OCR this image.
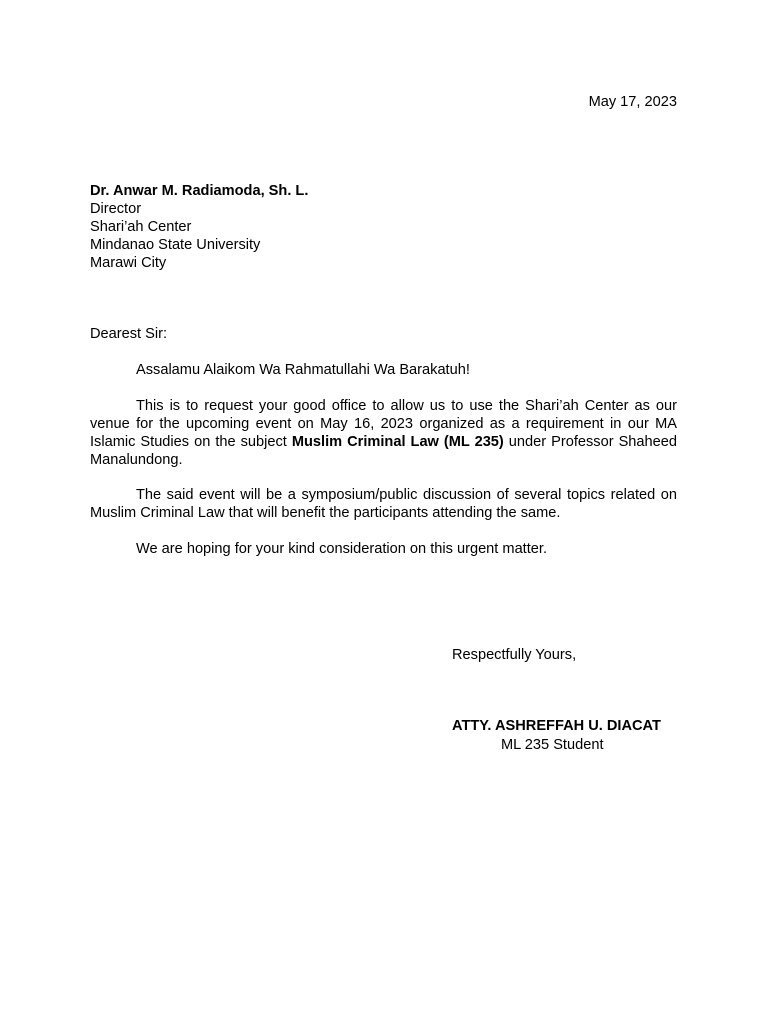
May 17, 2023
Dr. Anwar M. Radiamoda, Sh. L.
Director
Shari’ah Center
Mindanao State University
Marawi City
Dearest Sir:
Assalamu Alaikom Wa Rahmatullahi Wa Barakatuh!
This is to request your good office to allow us to use the Shari’ah Center as our venue for the upcoming event on May 16, 2023 organized as a requirement in our MA Islamic Studies on the subject Muslim Criminal Law (ML 235) under Professor Shaheed Manalundong.
The said event will be a symposium/public discussion of several topics related on Muslim Criminal Law that will benefit the participants attending the same.
We are hoping for your kind consideration on this urgent matter.
Respectfully Yours,
ATTY. ASHREFFAH U. DIACAT
ML 235 Student
